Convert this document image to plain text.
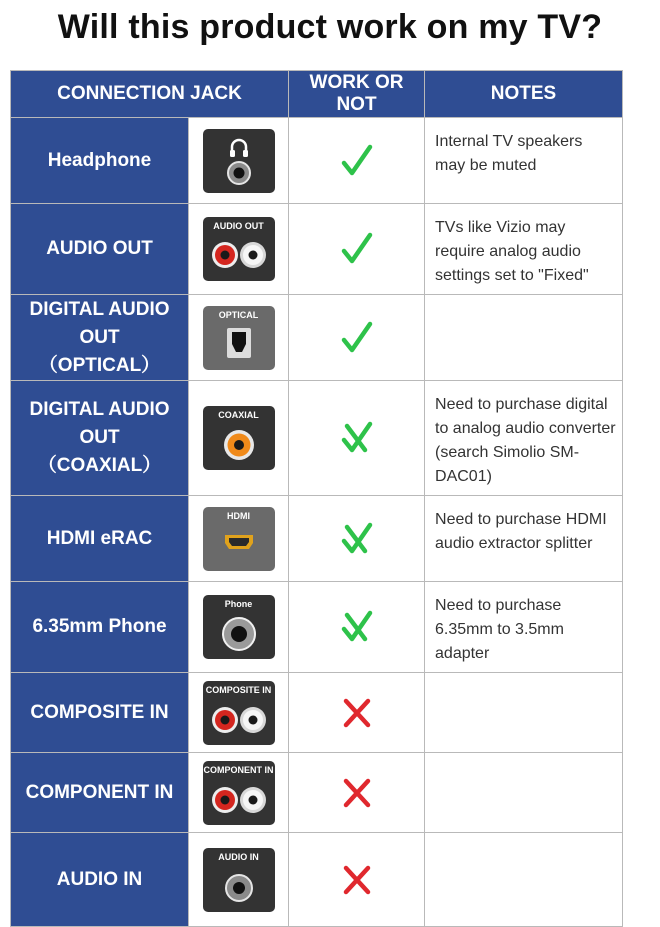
Will this product work on my TV?
CONNECTION JACK		WORK OR NOT	NOTES

Headphone			Internal TV speakers may be muted

AUDIO OUT	AUDIO OUT		TVs like Vizio may require analog audio settings set to "Fixed"

DIGITAL AUDIO OUT
（OPTICAL）	OPTICAL

DIGITAL AUDIO OUT
（COAXIAL）	COAXIAL		Need to purchase digital to analog audio converter (search Simolio SM-DAC01)

HDMI eRAC	HDMI		Need to purchase HDMI audio extractor splitter

6.35mm Phone	Phone		Need to purchase 6.35mm to 3.5mm adapter

COMPOSITE IN	COMPOSITE IN

COMPONENT IN	COMPONENT IN

AUDIO IN	AUDIO IN
